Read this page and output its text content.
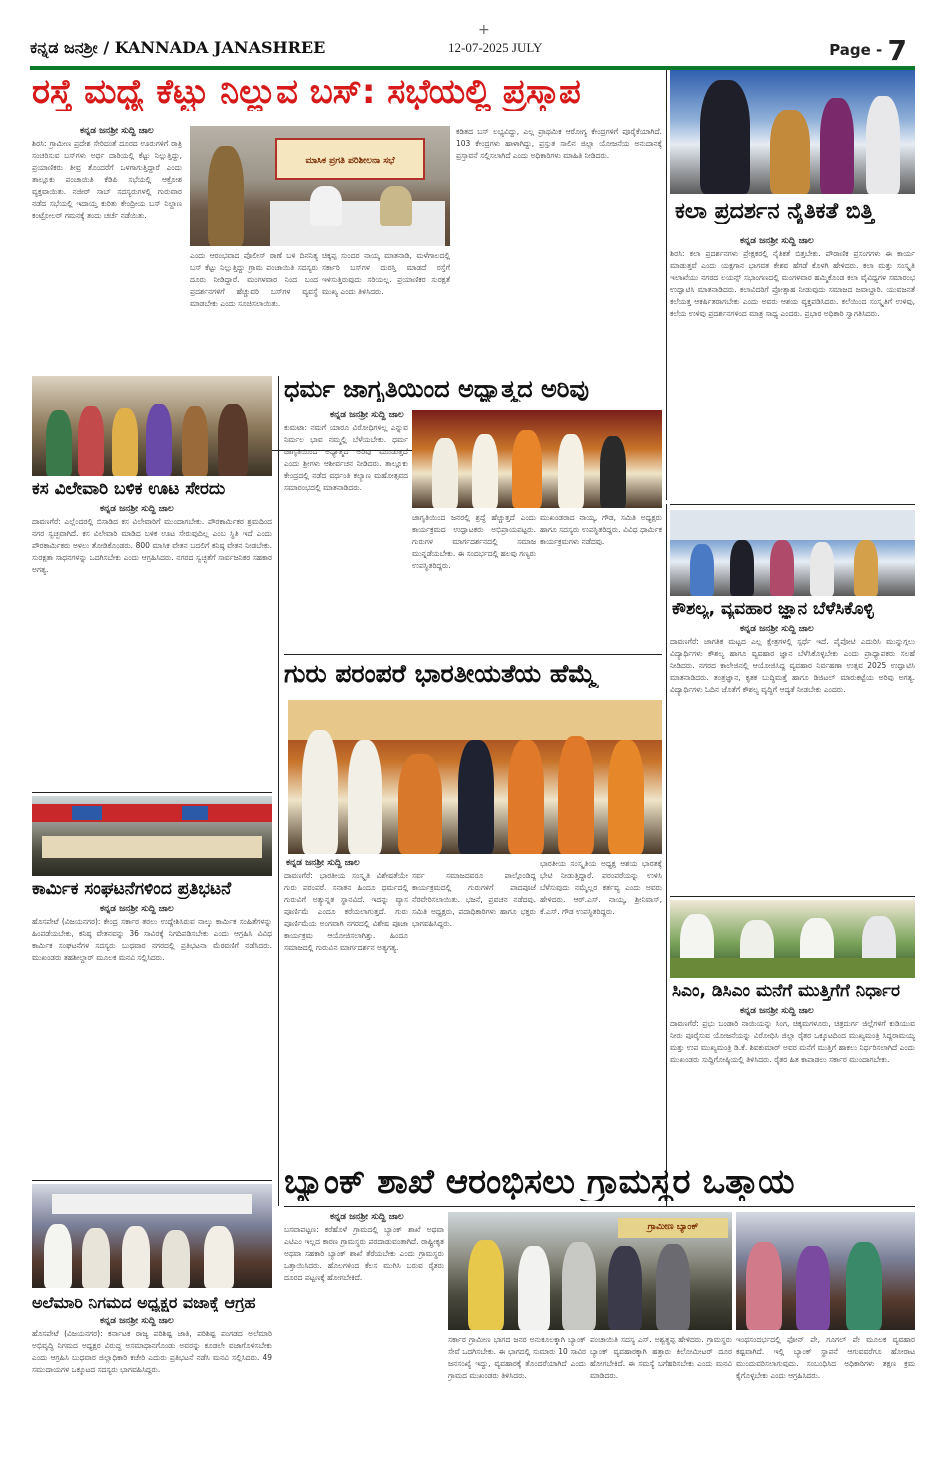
ಕನ್ನಡ ಜನಶ್ರೀ / KANNADA JANASHREE	12-07-2025 JULY	Page - 7
+
ರಸ್ತೆ ಮಧ್ಯೆ ಕೆಟ್ಟು ನಿಲ್ಲುವ ಬಸ್: ಸಭೆಯಲ್ಲಿ ಪ್ರಸ್ತಾಪ
ಕನ್ನಡ ಜನಶ್ರೀ ಸುದ್ದಿ ಜಾಲ
ಶಿರಸಿ: ಗ್ರಾಮೀಣ ಪ್ರದೇಶ ಸೇರಿದಂತೆ ದೂರದ ಊರುಗಳಿಗೆ ರಾತ್ರಿ ಸಂಚರಿಸುವ ಬಸ್‌ಗಳು ಅರ್ಧ ದಾರಿಯಲ್ಲಿ ಕೆಟ್ಟು ನಿಲ್ಲುತ್ತಿದ್ದು, ಪ್ರಯಾಣಿಕರು ತೀವ್ರ ತೊಂದರೆಗೆ ಒಳಗಾಗುತ್ತಿದ್ದಾರೆ ಎಂದು ತಾಲ್ಲೂಕು ಪಂಚಾಯಿತಿ ಕೆಡಿಪಿ ಸಭೆಯಲ್ಲಿ ಆಕ್ರೋಶ ವ್ಯಕ್ತವಾಯಿತು. ನಜೀರ್ ಸಾಬ್ ಸದಸ್ಯರುಗಳಲ್ಲಿ ಗುರುವಾರ ನಡೆದ ಸಭೆಯಲ್ಲಿ ಇದಾಯ್ತ ಕುರಿತು ಕೇಂದ್ರೀಯ ಬಸ್ ನಿಲ್ದಾಣ ಕಂಟ್ರೋಲರ್ ಗಮನಕ್ಕೆ ತಂದು ಚರ್ಚೆ ನಡೆಯಿತು.
ಮಾಸಿಕ ಪ್ರಗತಿ ಪರಿಶೀಲನಾ ಸಭೆ
ಎಂದು ಆರಂಭವಾದ ಪೊಲೀಸ್ ಠಾಣೆ ಬಳಿ ದಿನನಿತ್ಯ ಬಸ್ ಕೆಟ್ಟು ನಿಲ್ಲುತ್ತಿದ್ದು ಗ್ರಾಮ ಪಂಚಾಯಿತಿ ಸದಸ್ಯರು ದೂರು ನೀಡಿದ್ದಾರೆ. ಮಂಗಳವಾರ ನಿಂದ ಬಂದ ಪ್ರದರ್ಶನಗಳಿಗೆ ಹೆಚ್ಚುವರಿ ಬಸ್‌ಗಳ ವ್ಯವಸ್ಥೆ ಮಾಡಬೇಕು ಎಂದು ಸೂಚಿಸಲಾಯಿತು.
ಚಿಕ್ಕಪ್ಪ ಸುಂದರ ನಾಯ್ಕ ಮಾತನಾಡಿ, ಮಳೆಗಾಲದಲ್ಲಿ ಸರ್ಕಾರಿ ಬಸ್‌ಗಳ ದುರಸ್ತಿ ಮಾಡದೆ ರಸ್ತೆಗೆ ಇಳಿಸುತ್ತಿರುವುದು ಸರಿಯಲ್ಲ. ಪ್ರಯಾಣಿಕರ ಸುರಕ್ಷತೆ ಮುಖ್ಯ ಎಂದು ತಿಳಿಸಿದರು.
ಕಡಿತದ ಬಸ್ ಲಭ್ಯವಿದ್ದು, ಎಲ್ಲ ಪ್ರಾಥಮಿಕ ಆರೋಗ್ಯ ಕೇಂದ್ರಗಳಿಗೆ ಪೂರೈಕೆಯಾಗಿದೆ. 103 ಕೇಂದ್ರಗಳು ಹಾಳಾಗಿದ್ದು, ಪ್ರಸ್ತುತ ಸಾಲಿನ ಜಿಲ್ಲಾ ಯೋಜನೆಯ ಅನುದಾನಕ್ಕೆ ಪ್ರಸ್ತಾವನೆ ಸಲ್ಲಿಸಲಾಗಿದೆ ಎಂದು ಅಧಿಕಾರಿಗಳು ಮಾಹಿತಿ ನೀಡಿದರು.
ಕಲಾ ಪ್ರದರ್ಶನ ನೈತಿಕತೆ ಬಿತ್ತಿ
ಕನ್ನಡ ಜನಶ್ರೀ ಸುದ್ದಿ ಜಾಲ
ಶಿರಸಿ: ಕಲಾ ಪ್ರದರ್ಶನಗಳು ಪ್ರೇಕ್ಷಕರಲ್ಲಿ ನೈತಿಕತೆ ಬಿತ್ತಬೇಕು. ಪೌರಾಣಿಕ ಪ್ರಸಂಗಗಳು ಈ ಕಾರ್ಯ ಮಾಡುತ್ತವೆ ಎಂದು ಯಕ್ಷಗಾನ ಭಾಗವತ ಕೇಶವ ಹೆಗಡೆ ಕೊಳಗಿ ಹೇಳಿದರು. ಕಲಾ ಮತ್ತು ಸಂಸ್ಕೃತಿ ಇಲಾಖೆಯು ನಗರದ ಲಯನ್ಸ್ ಸಭಾಂಗಣದಲ್ಲಿ ಮಂಗಳವಾರ ಹಮ್ಮಿಕೊಂಡ ಕಲಾ ವೈವಿಧ್ಯಗಳ ಸಮಾರಂಭ ಉದ್ಘಾಟಿಸಿ ಮಾತನಾಡಿದರು. ಕಲಾವಿದರಿಗೆ ಪ್ರೋತ್ಸಾಹ ನೀಡುವುದು ಸಮಾಜದ ಜವಾಬ್ದಾರಿ. ಯುವಜನತೆ ಕಲೆಯತ್ತ ಆಕರ್ಷಿತರಾಗಬೇಕು ಎಂದು ಅವರು ಆಶಯ ವ್ಯಕ್ತಪಡಿಸಿದರು. ಕಲೆಯಿಂದ ಸಂಸ್ಕೃತಿಗೆ ಉಳಿವು, ಕಲೆಯ ಉಳಿವು ಪ್ರದರ್ಶನಗಳಿಂದ ಮಾತ್ರ ಸಾಧ್ಯ ಎಂದರು. ಪ್ರಭಾರ ಅಧಿಕಾರಿ ಸ್ವಾಗತಿಸಿದರು.
ಕಸ ವಿಲೇವಾರಿ ಬಳಿಕ ಊಟ ಸೇರದು
ಕನ್ನಡ ಜನಶ್ರೀ ಸುದ್ದಿ ಜಾಲ
ದಾವಣಗೆರೆ: ಎಲ್ಲೆಂದರಲ್ಲಿ ಬಿಸಾಡಿದ ಕಸ ವಿಲೇವಾರಿಗೆ ಮುಂದಾಗಬೇಕು. ಪೌರಕಾರ್ಮಿಕರ ಶ್ರಮದಿಂದ ನಗರ ಸ್ವಚ್ಛವಾಗಿದೆ. ಕಸ ವಿಲೇವಾರಿ ಮಾಡಿದ ಬಳಿಕ ಊಟ ಸೇರುವುದಿಲ್ಲ ಎಂಬ ಸ್ಥಿತಿ ಇದೆ ಎಂದು ಪೌರಕಾರ್ಮಿಕರು ಅಳಲು ತೋಡಿಕೊಂಡರು. 800 ಮಾಸಿಕ ವೇತನ ಬದಲಿಗೆ ಕನಿಷ್ಠ ವೇತನ ನೀಡಬೇಕು. ಸುರಕ್ಷತಾ ಸಾಧನಗಳನ್ನು ಒದಗಿಸಬೇಕು ಎಂದು ಆಗ್ರಹಿಸಿದರು. ನಗರದ ಸ್ವಚ್ಛತೆಗೆ ಸಾರ್ವಜನಿಕರ ಸಹಕಾರ ಅಗತ್ಯ.
ಧರ್ಮ ಜಾಗೃತಿಯಿಂದ ಅಧ್ಯಾತ್ಮದ ಅರಿವು
ಕನ್ನಡ ಜನಶ್ರೀ ಸುದ್ದಿ ಜಾಲ
ಕುಮಟಾ: ನಮಗೆ ಯಾರೂ ವಿರೋಧಿಗಳಿಲ್ಲ ಎನ್ನುವ ನಿರ್ಮಲ ಭಾವ ನಮ್ಮಲ್ಲಿ ಬೆಳೆಯಬೇಕು. ಧರ್ಮ ಜಾಗೃತಿಯಿಂದ ಅಧ್ಯಾತ್ಮದ ಅರಿವು ಮೂಡುತ್ತದೆ ಎಂದು ಶ್ರೀಗಳು ಆಶೀರ್ವಚನ ನೀಡಿದರು. ತಾಲ್ಲೂಕು ಕೇಂದ್ರದಲ್ಲಿ ನಡೆದ ವರ್ಧಂತಿ ಕಲ್ಯಾಣ ಮಹೋತ್ಸವದ ಸಮಾರಂಭದಲ್ಲಿ ಮಾತನಾಡಿದರು.
ಜಾಗೃತಿಯಿಂದ ಜನರಲ್ಲಿ ಶ್ರದ್ಧೆ ಹೆಚ್ಚುತ್ತದೆ ಎಂದು ಕಾರ್ಯಕ್ರಮದ ಉದ್ಘಾಟಕರು ಅಭಿಪ್ರಾಯಪಟ್ಟರು. ಗುರುಗಳ ಮಾರ್ಗದರ್ಶನದಲ್ಲಿ ಸಮಾಜ ಮುನ್ನಡೆಯಬೇಕು. ಈ ಸಂದರ್ಭದಲ್ಲಿ ಹಲವು ಗಣ್ಯರು ಉಪಸ್ಥಿತರಿದ್ದರು.
ಮುಖಂಡರಾದ ನಾಯ್ಕ, ಗೌಡ, ಸಮಿತಿ ಅಧ್ಯಕ್ಷರು ಹಾಗೂ ಸದಸ್ಯರು ಉಪಸ್ಥಿತರಿದ್ದರು. ವಿವಿಧ ಧಾರ್ಮಿಕ ಕಾರ್ಯಕ್ರಮಗಳು ನಡೆದವು.
ಕೌಶಲ್ಯ, ವ್ಯವಹಾರ ಜ್ಞಾನ ಬೆಳೆಸಿಕೊಳ್ಳಿ
ಕನ್ನಡ ಜನಶ್ರೀ ಸುದ್ದಿ ಜಾಲ
ದಾವಣಗೆರೆ: ಜಾಗತಿಕ ಮಟ್ಟದ ಎಲ್ಲ ಕ್ಷೇತ್ರಗಳಲ್ಲಿ ಸ್ಪರ್ಧೆ ಇದೆ. ಪೈಪೋಟಿ ಎದುರಿಸಿ ಮುನ್ನುಗ್ಗಲು ವಿದ್ಯಾರ್ಥಿಗಳು ಕೌಶಲ್ಯ ಹಾಗೂ ವ್ಯವಹಾರ ಜ್ಞಾನ ಬೆಳೆಸಿಕೊಳ್ಳಬೇಕು ಎಂದು ಪ್ರಾಧ್ಯಾಪಕರು ಸಲಹೆ ನೀಡಿದರು. ನಗರದ ಕಾಲೇಜಿನಲ್ಲಿ ಆಯೋಜಿಸಿದ್ದ ವ್ಯವಹಾರ ನಿರ್ವಹಣಾ ಉತ್ಸವ 2025 ಉದ್ಘಾಟಿಸಿ ಮಾತನಾಡಿದರು. ತಂತ್ರಜ್ಞಾನ, ಕೃತಕ ಬುದ್ಧಿಮತ್ತೆ ಹಾಗೂ ಡಿಜಿಟಲ್ ಮಾರುಕಟ್ಟೆಯ ಅರಿವು ಅಗತ್ಯ. ವಿದ್ಯಾರ್ಥಿಗಳು ಓದಿನ ಜೊತೆಗೆ ಕೌಶಲ್ಯ ವೃದ್ಧಿಗೆ ಆದ್ಯತೆ ನೀಡಬೇಕು ಎಂದರು.
ಗುರು ಪರಂಪರೆ ಭಾರತೀಯತೆಯ ಹೆಮ್ಮೆ
ಕನ್ನಡ ಜನಶ್ರೀ ಸುದ್ದಿ ಜಾಲ
ದಾವಣಗೆರೆ: ಭಾರತೀಯ ಸಂಸ್ಕೃತಿ ವಿಶೇಷತೆಯೇ ಗುರು ಪರಂಪರೆ. ಸನಾತನ ಹಿಂದೂ ಧರ್ಮದಲ್ಲಿ ಗುರುವಿಗೆ ಅತ್ಯುನ್ನತ ಸ್ಥಾನವಿದೆ. ಇದನ್ನು ವ್ಯಾಸ ಪೂರ್ಣಿಮೆ ಎಂದೂ ಕರೆಯಲಾಗುತ್ತದೆ. ಗುರು ಪೂರ್ಣಿಮೆಯ ಅಂಗವಾಗಿ ನಗರದಲ್ಲಿ ವಿಶೇಷ ಪೂಜಾ ಕಾರ್ಯಕ್ರಮ ಆಯೋಜಿಸಲಾಗಿತ್ತು. ಹಿಂದೂ ಸಮಾಜದಲ್ಲಿ ಗುರುವಿನ ಮಾರ್ಗದರ್ಶನ ಅತ್ಯಗತ್ಯ.
ಸರ್ವ ಸಮಾಜದವರೂ ಪಾಲ್ಗೊಂಡಿದ್ದ ಕಾರ್ಯಕ್ರಮದಲ್ಲಿ ಗುರುಗಳಿಗೆ ಪಾದಪೂಜೆ ನೆರವೇರಿಸಲಾಯಿತು. ಭಜನೆ, ಪ್ರವಚನ ನಡೆದವು. ಸಮಿತಿ ಅಧ್ಯಕ್ಷರು, ಪದಾಧಿಕಾರಿಗಳು ಹಾಗೂ ಭಕ್ತರು ಭಾಗವಹಿಸಿದ್ದರು.
ಭಾರತೀಯ ಸಂಸ್ಕೃತಿಯ ಅಧ್ಯಕ್ಷ ಆಶಯ ಭಾರತಕ್ಕೆ ಭೇಟಿ ನೀಡುತ್ತಿದ್ದಾರೆ. ಪರಂಪರೆಯನ್ನು ಉಳಿಸಿ ಬೆಳೆಸುವುದು ನಮ್ಮೆಲ್ಲರ ಕರ್ತವ್ಯ ಎಂದು ಅವರು ಹೇಳಿದರು. ಆರ್.ಎಸ್. ನಾಯ್ಕ, ಶ್ರೀನಿವಾಸ್, ಕೆ.ಎಸ್. ಗೌಡ ಉಪಸ್ಥಿತರಿದ್ದರು.
ಕಾರ್ಮಿಕ ಸಂಘಟನೆಗಳಿಂದ ಪ್ರತಿಭಟನೆ
ಕನ್ನಡ ಜನಶ್ರೀ ಸುದ್ದಿ ಜಾಲ
ಹೊಸಪೇಟೆ (ವಿಜಯನಗರ): ಕೇಂದ್ರ ಸರ್ಕಾರ ತರಲು ಉದ್ದೇಶಿಸಿರುವ ನಾಲ್ಕು ಕಾರ್ಮಿಕ ಸಂಹಿತೆಗಳನ್ನು ಹಿಂಪಡೆಯಬೇಕು, ಕನಿಷ್ಠ ವೇತನವನ್ನು 36 ಸಾವಿರಕ್ಕೆ ನಿಗದಿಪಡಿಸಬೇಕು ಎಂದು ಆಗ್ರಹಿಸಿ ವಿವಿಧ ಕಾರ್ಮಿಕ ಸಂಘಟನೆಗಳ ಸದಸ್ಯರು ಬುಧವಾರ ನಗರದಲ್ಲಿ ಪ್ರತಿಭಟನಾ ಮೆರವಣಿಗೆ ನಡೆಸಿದರು. ಮುಖಂಡರು ತಹಶೀಲ್ದಾರ್ ಮೂಲಕ ಮನವಿ ಸಲ್ಲಿಸಿದರು.
ಸಿಎಂ, ಡಿಸಿಎಂ ಮನೆಗೆ ಮುತ್ತಿಗೆಗೆ ನಿರ್ಧಾರ
ಕನ್ನಡ ಜನಶ್ರೀ ಸುದ್ದಿ ಜಾಲ
ದಾವಣಗೆರೆ: ಪ್ರಭು ಬಂಡಾರಿ ನಾಯಿಯನ್ನು ಸಿಂಗ, ಚಿಕ್ಕಮಗಳೂರು, ಚಿತ್ರದುರ್ಗ ಜಿಲ್ಲೆಗಳಿಗೆ ಕುಡಿಯುವ ನೀರು ಪೂರೈಸುವ ಯೋಜನೆಯನ್ನು ವಿರೋಧಿಸಿ ಜಿಲ್ಲಾ ರೈತರ ಒಕ್ಕೂಟದಿಂದ ಮುಖ್ಯಮಂತ್ರಿ ಸಿದ್ದರಾಮಯ್ಯ ಮತ್ತು ಉಪ ಮುಖ್ಯಮಂತ್ರಿ ಡಿ.ಕೆ. ಶಿವಕುಮಾರ್ ಅವರ ಮನೆಗೆ ಮುತ್ತಿಗೆ ಹಾಕಲು ನಿರ್ಧರಿಸಲಾಗಿದೆ ಎಂದು ಮುಖಂಡರು ಸುದ್ದಿಗೋಷ್ಠಿಯಲ್ಲಿ ತಿಳಿಸಿದರು. ರೈತರ ಹಿತ ಕಾಪಾಡಲು ಸರ್ಕಾರ ಮುಂದಾಗಬೇಕು.
ಅಲೆಮಾರಿ ನಿಗಮದ ಅಧ್ಯಕ್ಷರ ವಜಾಕ್ಕೆ ಆಗ್ರಹ
ಕನ್ನಡ ಜನಶ್ರೀ ಸುದ್ದಿ ಜಾಲ
ಹೊಸಪೇಟೆ (ವಿಜಯನಗರ): ಕರ್ನಾಟಕ ರಾಜ್ಯ ಪರಿಶಿಷ್ಟ ಜಾತಿ, ಪರಿಶಿಷ್ಟ ಪಂಗಡದ ಅಲೆಮಾರಿ ಅಭಿವೃದ್ಧಿ ನಿಗಮದ ಅಧ್ಯಕ್ಷರ ವಿರುದ್ಧ ಅಸಮಾಧಾನಗೊಂಡು ಅವರನ್ನು ಕೂಡಲೇ ವಜಾಗೊಳಿಸಬೇಕು ಎಂದು ಆಗ್ರಹಿಸಿ ಬುಧವಾರ ಜಿಲ್ಲಾಧಿಕಾರಿ ಕಚೇರಿ ಎದುರು ಪ್ರತಿಭಟನೆ ನಡೆಸಿ ಮನವಿ ಸಲ್ಲಿಸಿದರು. 49 ಸಮುದಾಯಗಳ ಒಕ್ಕೂಟದ ಸದಸ್ಯರು ಭಾಗವಹಿಸಿದ್ದರು.
ಬ್ಯಾಂಕ್ ಶಾಖೆ ಆರಂಭಿಸಲು ಗ್ರಾಮಸ್ಥರ ಒತ್ತಾಯ
ಕನ್ನಡ ಜನಶ್ರೀ ಸುದ್ದಿ ಜಾಲ
ಬಸವಾಪಟ್ಟಣ: ಕರೆಹೊಳೆ ಗ್ರಾಮದಲ್ಲಿ ಬ್ಯಾಂಕ್ ಶಾಖೆ ಅಥವಾ ಎಟಿಎಂ ಇಲ್ಲದ ಕಾರಣ ಗ್ರಾಮಸ್ಥರು ಪರದಾಡುವಂತಾಗಿದೆ. ರಾಷ್ಟ್ರೀಕೃತ ಅಥವಾ ಸಹಕಾರಿ ಬ್ಯಾಂಕ್ ಶಾಖೆ ತೆರೆಯಬೇಕು ಎಂದು ಗ್ರಾಮಸ್ಥರು ಒತ್ತಾಯಿಸಿದರು. ಹೊಲಗಳಿಂದ ಕೆಲಸ ಮುಗಿಸಿ ಬರುವ ರೈತರು ದೂರದ ಪಟ್ಟಣಕ್ಕೆ ಹೋಗಬೇಕಿದೆ.
ಗ್ರಾಮೀಣ ಬ್ಯಾಂಕ್
ಸರ್ಕಾರ ಗ್ರಾಮೀಣ ಭಾಗದ ಜನರ ಅನುಕೂಲಕ್ಕಾಗಿ ಬ್ಯಾಂಕ್ ಸೇವೆ ಒದಗಿಸಬೇಕು. ಈ ಭಾಗದಲ್ಲಿ ಸುಮಾರು 10 ಸಾವಿರ ಜನಸಂಖ್ಯೆ ಇದ್ದು, ವ್ಯವಹಾರಕ್ಕೆ ತೊಂದರೆಯಾಗಿದೆ ಎಂದು ಗ್ರಾಮದ ಮುಖಂಡರು ತಿಳಿಸಿದರು.
ಪಂಚಾಯಿತಿ ಸದಸ್ಯ ಎಸ್. ಅಶ್ವತ್ಥಪ್ಪ ಹೇಳಿದರು. ಗ್ರಾಮಸ್ಥರು ಬ್ಯಾಂಕ್ ವ್ಯವಹಾರಕ್ಕಾಗಿ ಹತ್ತಾರು ಕಿಲೋಮೀಟರ್ ದೂರ ಹೋಗಬೇಕಿದೆ. ಈ ಸಮಸ್ಯೆ ಬಗೆಹರಿಸಬೇಕು ಎಂದು ಮನವಿ ಮಾಡಿದರು.
ಇಂಥಸಂದರ್ಭದಲ್ಲಿ ಫೋನ್ ಪೇ, ಗೂಗಲ್ ಪೇ ಮೂಲಕ ವ್ಯವಹಾರ ಕಷ್ಟವಾಗಿದೆ. ಇಲ್ಲಿ ಬ್ಯಾಂಕ್ ಸ್ಥಾಪನೆ ಆಗುವವರೆಗೂ ಹೋರಾಟ ಮುಂದುವರಿಸಲಾಗುವುದು. ಸಂಬಂಧಿಸಿದ ಅಧಿಕಾರಿಗಳು ತಕ್ಷಣ ಕ್ರಮ ಕೈಗೊಳ್ಳಬೇಕು ಎಂದು ಆಗ್ರಹಿಸಿದರು.
